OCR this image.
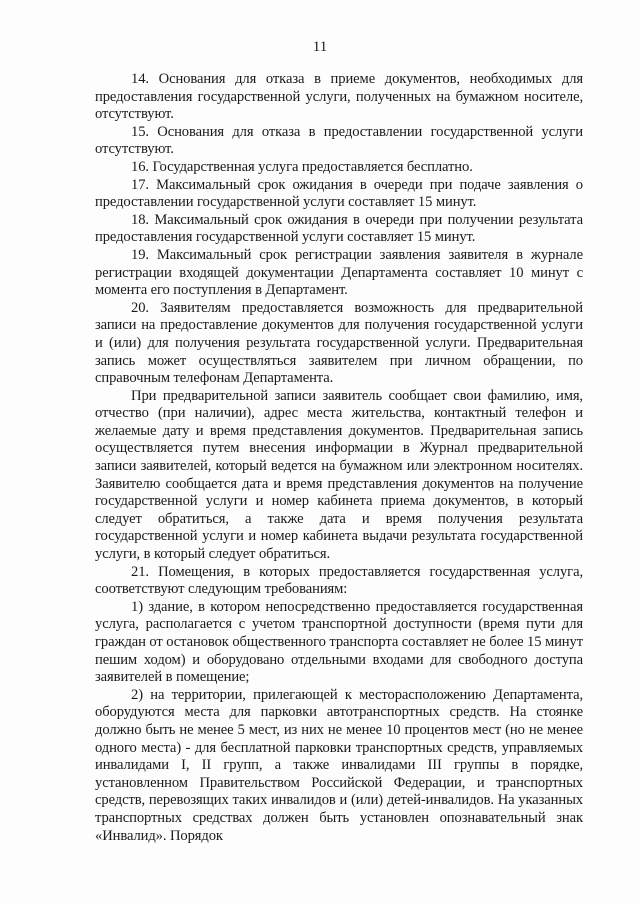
11

14. Основания для отказа в приеме документов, необходимых для предоставления государственной услуги, полученных на бумажном носителе, отсутствуют.

15. Основания для отказа в предоставлении государственной услуги отсутствуют.

16. Государственная услуга предоставляется бесплатно.

17. Максимальный срок ожидания в очереди при подаче заявления о предоставлении государственной услуги составляет 15 минут.

18. Максимальный срок ожидания в очереди при получении результата предоставления государственной услуги составляет 15 минут.

19. Максимальный срок регистрации заявления заявителя в журнале регистрации входящей документации Департамента составляет 10 минут с момента его поступления в Департамент.

20. Заявителям предоставляется возможность для предварительной записи на предоставление документов для получения государственной услуги и (или) для получения результата государственной услуги. Предварительная запись может осуществляться заявителем при личном обращении, по справочным телефонам Департамента.

При предварительной записи заявитель сообщает свои фамилию, имя, отчество (при наличии), адрес места жительства, контактный телефон и желаемые дату и время представления документов. Предварительная запись осуществляется путем внесения информации в Журнал предварительной записи заявителей, который ведется на бумажном или электронном носителях. Заявителю сообщается дата и время представления документов на получение государственной услуги и номер кабинета приема документов, в который следует обратиться, а также дата и время получения результата государственной услуги и номер кабинета выдачи результата государственной услуги, в который следует обратиться.

21. Помещения, в которых предоставляется государственная услуга, соответствуют следующим требованиям:

1) здание, в котором непосредственно предоставляется государственная услуга, располагается с учетом транспортной доступности (время пути для граждан от остановок общественного транспорта составляет не более 15 минут пешим ходом) и оборудовано отдельными входами для свободного доступа заявителей в помещение;

2) на территории, прилегающей к месторасположению Департамента, оборудуются места для парковки автотранспортных средств. На стоянке должно быть не менее 5 мест, из них не менее 10 процентов мест (но не менее одного места) - для бесплатной парковки транспортных средств, управляемых инвалидами I, II групп, а также инвалидами III группы в порядке, установленном Правительством Российской Федерации, и транспортных средств, перевозящих таких инвалидов и (или) детей-инвалидов. На указанных транспортных средствах должен быть установлен опознавательный знак «Инвалид». Порядок
